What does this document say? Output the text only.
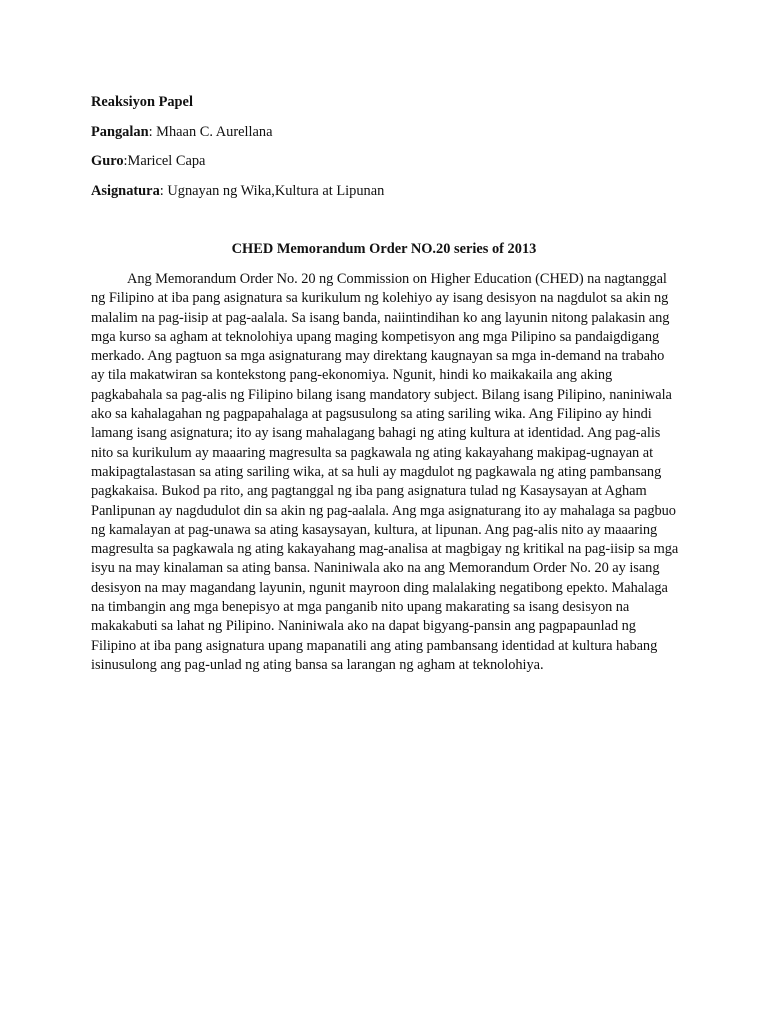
Reaksiyon Papel

Pangalan: Mhaan C. Aurellana

Guro:Maricel Capa

Asignatura: Ugnayan ng Wika,Kultura at Lipunan

CHED Memorandum Order NO.20 series of 2013

Ang Memorandum Order No. 20 ng Commission on Higher Education (CHED) na nagtanggal ng Filipino at iba pang asignatura sa kurikulum ng kolehiyo ay isang desisyon na nagdulot sa akin ng malalim na pag-iisip at pag-aalala. Sa isang banda, naiintindihan ko ang layunin nitong palakasin ang mga kurso sa agham at teknolohiya upang maging kompetisyon ang mga Pilipino sa pandaigdigang merkado. Ang pagtuon sa mga asignaturang may direktang kaugnayan sa mga in-demand na trabaho ay tila makatwiran sa kontekstong pang-ekonomiya. Ngunit, hindi ko maikakaila ang aking pagkabahala sa pag-alis ng Filipino bilang isang mandatory subject. Bilang isang Pilipino, naniniwala ako sa kahalagahan ng pagpapahalaga at pagsusulong sa ating sariling wika. Ang Filipino ay hindi lamang isang asignatura; ito ay isang mahalagang bahagi ng ating kultura at identidad. Ang pag-alis nito sa kurikulum ay maaaring magresulta sa pagkawala ng ating kakayahang makipag-ugnayan at makipagtalastasan sa ating sariling wika, at sa huli ay magdulot ng pagkawala ng ating pambansang pagkakaisa. Bukod pa rito, ang pagtanggal ng iba pang asignatura tulad ng Kasaysayan at Agham Panlipunan ay nagdudulot din sa akin ng pag-aalala. Ang mga asignaturang ito ay mahalaga sa pagbuo ng kamalayan at pag-unawa sa ating kasaysayan, kultura, at lipunan. Ang pag-alis nito ay maaaring magresulta sa pagkawala ng ating kakayahang mag-analisa at magbigay ng kritikal na pag-iisip sa mga isyu na may kinalaman sa ating bansa. Naniniwala ako na ang Memorandum Order No. 20 ay isang desisyon na may magandang layunin, ngunit mayroon ding malalaking negatibong epekto. Mahalaga na timbangin ang mga benepisyo at mga panganib nito upang makarating sa isang desisyon na makakabuti sa lahat ng Pilipino. Naniniwala ako na dapat bigyang-pansin ang pagpapaunlad ng Filipino at iba pang asignatura upang mapanatili ang ating pambansang identidad at kultura habang isinusulong ang pag-unlad ng ating bansa sa larangan ng agham at teknolohiya.
